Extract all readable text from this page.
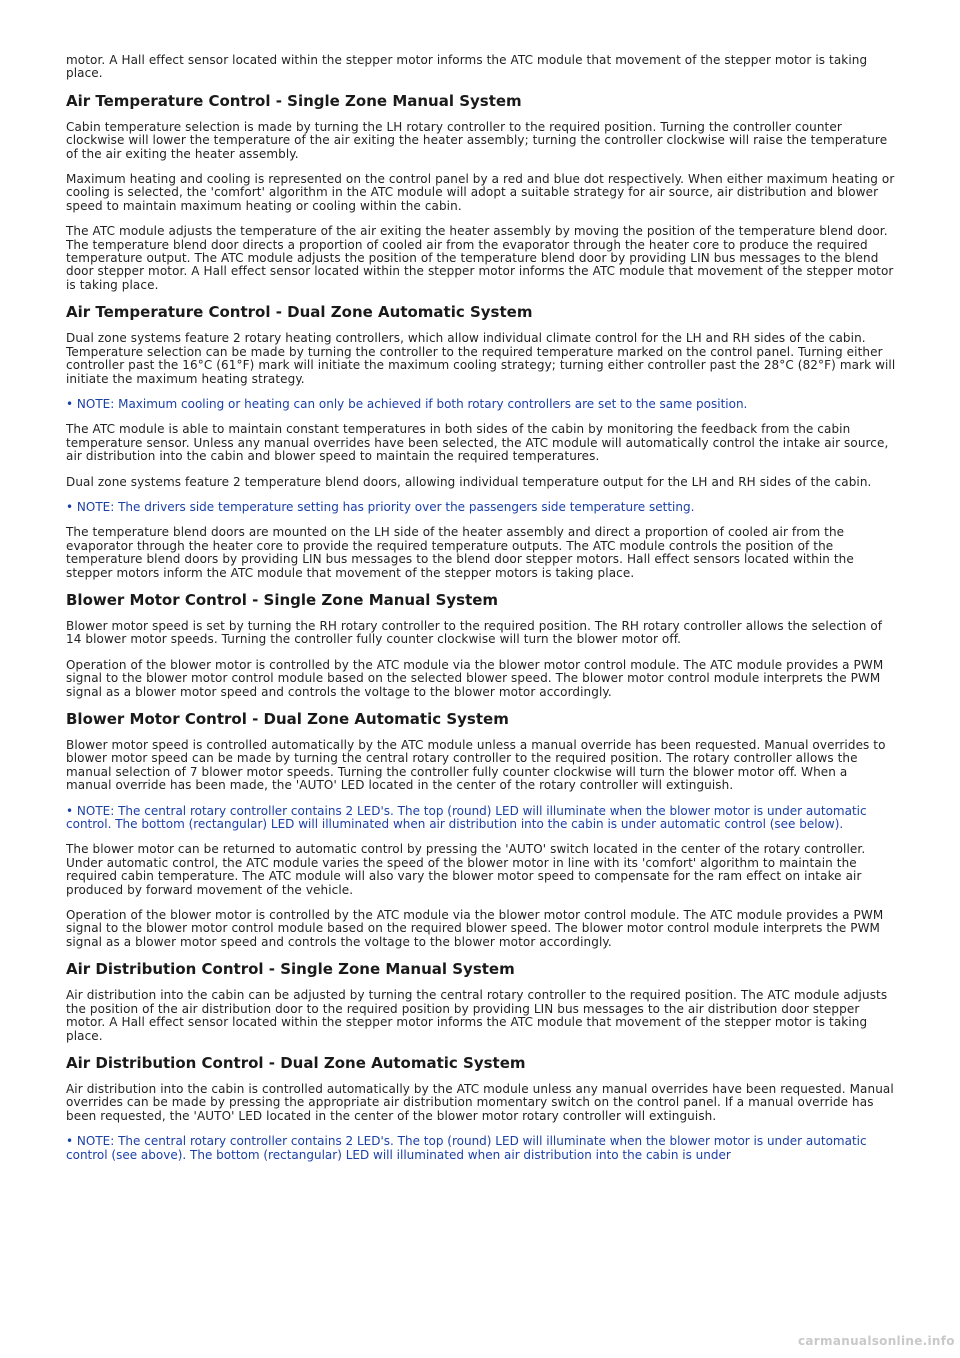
motor. A Hall effect sensor located within the stepper motor informs the ATC module that movement of the stepper motor is taking place.

Air Temperature Control - Single Zone Manual System

Cabin temperature selection is made by turning the LH rotary controller to the required position. Turning the controller counter clockwise will lower the temperature of the air exiting the heater assembly; turning the controller clockwise will raise the temperature of the air exiting the heater assembly.

Maximum heating and cooling is represented on the control panel by a red and blue dot respectively. When either maximum heating or cooling is selected, the 'comfort' algorithm in the ATC module will adopt a suitable strategy for air source, air distribution and blower speed to maintain maximum heating or cooling within the cabin.

The ATC module adjusts the temperature of the air exiting the heater assembly by moving the position of the temperature blend door. The temperature blend door directs a proportion of cooled air from the evaporator through the heater core to produce the required temperature output. The ATC module adjusts the position of the temperature blend door by providing LIN bus messages to the blend door stepper motor. A Hall effect sensor located within the stepper motor informs the ATC module that movement of the stepper motor is taking place.

Air Temperature Control - Dual Zone Automatic System

Dual zone systems feature 2 rotary heating controllers, which allow individual climate control for the LH and RH sides of the cabin. Temperature selection can be made by turning the controller to the required temperature marked on the control panel. Turning either controller past the 16°C (61°F) mark will initiate the maximum cooling strategy; turning either controller past the 28°C (82°F) mark will initiate the maximum heating strategy.

• NOTE: Maximum cooling or heating can only be achieved if both rotary controllers are set to the same position.

The ATC module is able to maintain constant temperatures in both sides of the cabin by monitoring the feedback from the cabin temperature sensor. Unless any manual overrides have been selected, the ATC module will automatically control the intake air source, air distribution into the cabin and blower speed to maintain the required temperatures.

Dual zone systems feature 2 temperature blend doors, allowing individual temperature output for the LH and RH sides of the cabin.

• NOTE: The drivers side temperature setting has priority over the passengers side temperature setting.

The temperature blend doors are mounted on the LH side of the heater assembly and direct a proportion of cooled air from the evaporator through the heater core to provide the required temperature outputs. The ATC module controls the position of the temperature blend doors by providing LIN bus messages to the blend door stepper motors. Hall effect sensors located within the stepper motors inform the ATC module that movement of the stepper motors is taking place.

Blower Motor Control - Single Zone Manual System

Blower motor speed is set by turning the RH rotary controller to the required position. The RH rotary controller allows the selection of 14 blower motor speeds. Turning the controller fully counter clockwise will turn the blower motor off.

Operation of the blower motor is controlled by the ATC module via the blower motor control module. The ATC module provides a PWM signal to the blower motor control module based on the selected blower speed. The blower motor control module interprets the PWM signal as a blower motor speed and controls the voltage to the blower motor accordingly.

Blower Motor Control - Dual Zone Automatic System

Blower motor speed is controlled automatically by the ATC module unless a manual override has been requested. Manual overrides to blower motor speed can be made by turning the central rotary controller to the required position. The rotary controller allows the manual selection of 7 blower motor speeds. Turning the controller fully counter clockwise will turn the blower motor off. When a manual override has been made, the 'AUTO' LED located in the center of the rotary controller will extinguish.

• NOTE: The central rotary controller contains 2 LED's. The top (round) LED will illuminate when the blower motor is under automatic control. The bottom (rectangular) LED will illuminated when air distribution into the cabin is under automatic control (see below).

The blower motor can be returned to automatic control by pressing the 'AUTO' switch located in the center of the rotary controller. Under automatic control, the ATC module varies the speed of the blower motor in line with its 'comfort' algorithm to maintain the required cabin temperature. The ATC module will also vary the blower motor speed to compensate for the ram effect on intake air produced by forward movement of the vehicle.

Operation of the blower motor is controlled by the ATC module via the blower motor control module. The ATC module provides a PWM signal to the blower motor control module based on the required blower speed. The blower motor control module interprets the PWM signal as a blower motor speed and controls the voltage to the blower motor accordingly.

Air Distribution Control - Single Zone Manual System

Air distribution into the cabin can be adjusted by turning the central rotary controller to the required position. The ATC module adjusts the position of the air distribution door to the required position by providing LIN bus messages to the air distribution door stepper motor. A Hall effect sensor located within the stepper motor informs the ATC module that movement of the stepper motor is taking place.

Air Distribution Control - Dual Zone Automatic System

Air distribution into the cabin is controlled automatically by the ATC module unless any manual overrides have been requested. Manual overrides can be made by pressing the appropriate air distribution momentary switch on the control panel. If a manual override has been requested, the 'AUTO' LED located in the center of the blower motor rotary controller will extinguish.

• NOTE: The central rotary controller contains 2 LED's. The top (round) LED will illuminate when the blower motor is under automatic control (see above). The bottom (rectangular) LED will illuminated when air distribution into the cabin is under

carmanualsonline.info
